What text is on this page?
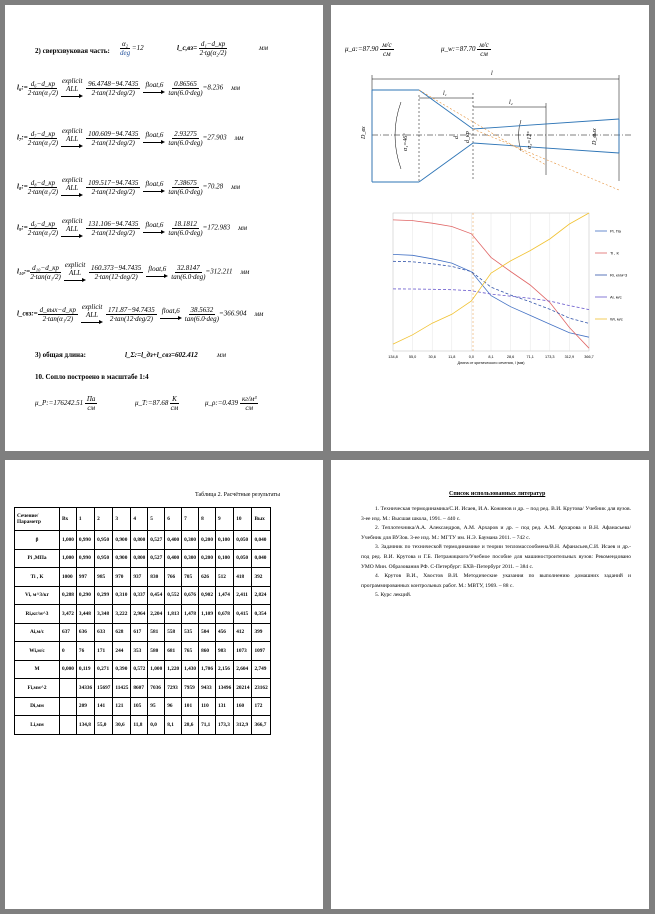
2) сверхзвуковая часть: $\frac{\text{α₂}}{\text{deg}} =12$	l_c,вз= $\frac{\text{d₁−d\_кр}}{\text{2·tg(α₂/2)}}$	мм
l₆:= $\frac{\text{d₆−d\_кр}}{\text{2·tan(α₁/2)}}$ explicit
ALL $\frac{96.4748-94.7435}{\text{2·tan(12·deg/2)}}$ float,6 $\frac{0.86565}{\text{tan(6.0·deg)}} =8.236$ мм
l₇:= $\frac{\text{d₇−d\_кр}}{\text{2·tan(α₁/2)}}$ explicit
ALL $\frac{100.609-94.7435}{\text{2·tan(12·deg/2)}}$ float,6 $\frac{2.93275}{\text{tan(6.0·deg)}} =27.903$ мм
l₈:= $\frac{\text{d₈−d\_кр}}{\text{2·tan(α₁/2)}}$ explicit
ALL $\frac{109.517-94.7435}{\text{2·tan(12·deg/2)}}$ float,6 $\frac{7.38675}{\text{tan(6.0·deg)}} =70.28$ мм
l₉:= $\frac{\text{d₉−d\_кр}}{\text{2·tan(α₁/2)}}$ explicit
ALL $\frac{131.106-94.7435}{\text{2·tan(12·deg/2)}}$ float,6 $\frac{18.1812}{\text{tan(6.0·deg)}} =172.983$ мм
l₁₀:= $\frac{\text{d₁₀−d\_кр}}{\text{2·tan(α₁/2)}}$ explicit
ALL $\frac{160.373-94.7435}{\text{2·tan(12·deg/2)}}$ float,6 $\frac{32.8147}{\text{tan(6.0·deg)}} =312.211$ мм
l_свз:= $\frac{\text{d\_вых−d\_кр}}{\text{2·tan(α₁/2)}}$ explicit
ALL $\frac{171.87-94.7435}{\text{2·tan(12·deg/2)}}$ float,6 $\frac{38.5632}{\text{tan(6.0·deg)}} =366.904$ мм
3) общая длина:	l_Σ:=l_дз+l_свз=602.412	мм
10. Сопло построено в масштабе 1:4
μ_P:=176242.51 $\frac{Па}{см}$	μ_T:=87.68 $\frac{K}{см}$	μ_ρ:=0.439 $\frac{\text{кг/м³}}{см}$
μ_a:=87.90 $\frac{м/с}{см}$	μ_w:=87.70 $\frac{м/с}{см}$
l
l₁
l₂
D_вх	d d_кр	D_вых
α₁=46°	α₂=12°
134,8	55,0	30,6	11,8	0,0	8,1	28,6	71,1	173,3	312,9	366,7
Длина от критического сечения, l (мм)
Pi, Па
Ti , К
Ri, кг/м^3
Ai, м/с
Wi, м/с
Таблица 2. Расчётные результаты
Сечение/ Параметр	Вх	1	2	3	4	5	6	7	8	9	10	Вых
β	1,000	0,990	0,950	0,900	0,800	0,527	0,400	0,300	0,200	0,100	0,050	0,040
Pi ,МПа	1,000	0,990	0,950	0,900	0,800	0,527	0,400	0,300	0,200	0,100	0,050	0,040
Ti , К	1000	997	985	970	937	830	766	705	626	512	418	392
Vi, м^3/кг	0,288	0,290	0,299	0,310	0,337	0,454	0,552	0,676	0,902	1,474	2,411	2,824
Ri,кг/м^3	3,472	3,448	3,348	3,222	2,964	2,204	1,813	1,478	1,109	0,678	0,415	0,354
Ai,м/с	637	636	633	628	617	581	558	535	504	456	412	399
Wi,м/с	0	76	171	244	353	580	681	765	860	983	1073	1097
M	0,000	0,119	0,271	0,390	0,572	1,000	1,220	1,430	1,706	2,156	2,604	2,749
Fi,мм^2		34336	15697	11425	8607	7036	7293	7959	9433	13496	20214	23162
Di,мм		209	141	121	105	95	96	101	110	131	160	172
Li,мм		134,8	55,0	30,6	11,8	0,0	8,1	28,6	71,1	173,3	312,9	366,7
Список использованных литератур

1. Техническая термодинамика/С.И. Исаев, И.А. Кожинов и др. – под ред. В.И. Крутова/ Учебник для вузов. 3-ее изд. М.: Высшая школа, 1991. – 440 с.

2. Теплотехника/А.А. Александров, А.М. Архаров и др. – под ред. А.М. Архарова и В.Н. Афанасьева/Учебник для ВУЗов. 3-ее изд. М.: МГТУ им. Н.Э. Баумана 2011. – 742 с.

3. Задачник по технической термодинамике и теории тепломассообмена/В.Н. Афанасьев,С.И. Исаев и др.- под ред. В.И. Крутова и Г.Б. Петражицкого/Учебное пособие для машиностроительных вузов: Рекомендовано УМО Мин. Образования РФ. С-Петербург: БХВ–Петербург 2011. – 384 с.

4. Крутов В.И., Хвостов В.И. Методические указания по выполнению домашних заданий и программированных контрольных работ. М.: МВТУ, 1969. – 88 с.

5. Курс лекций.
